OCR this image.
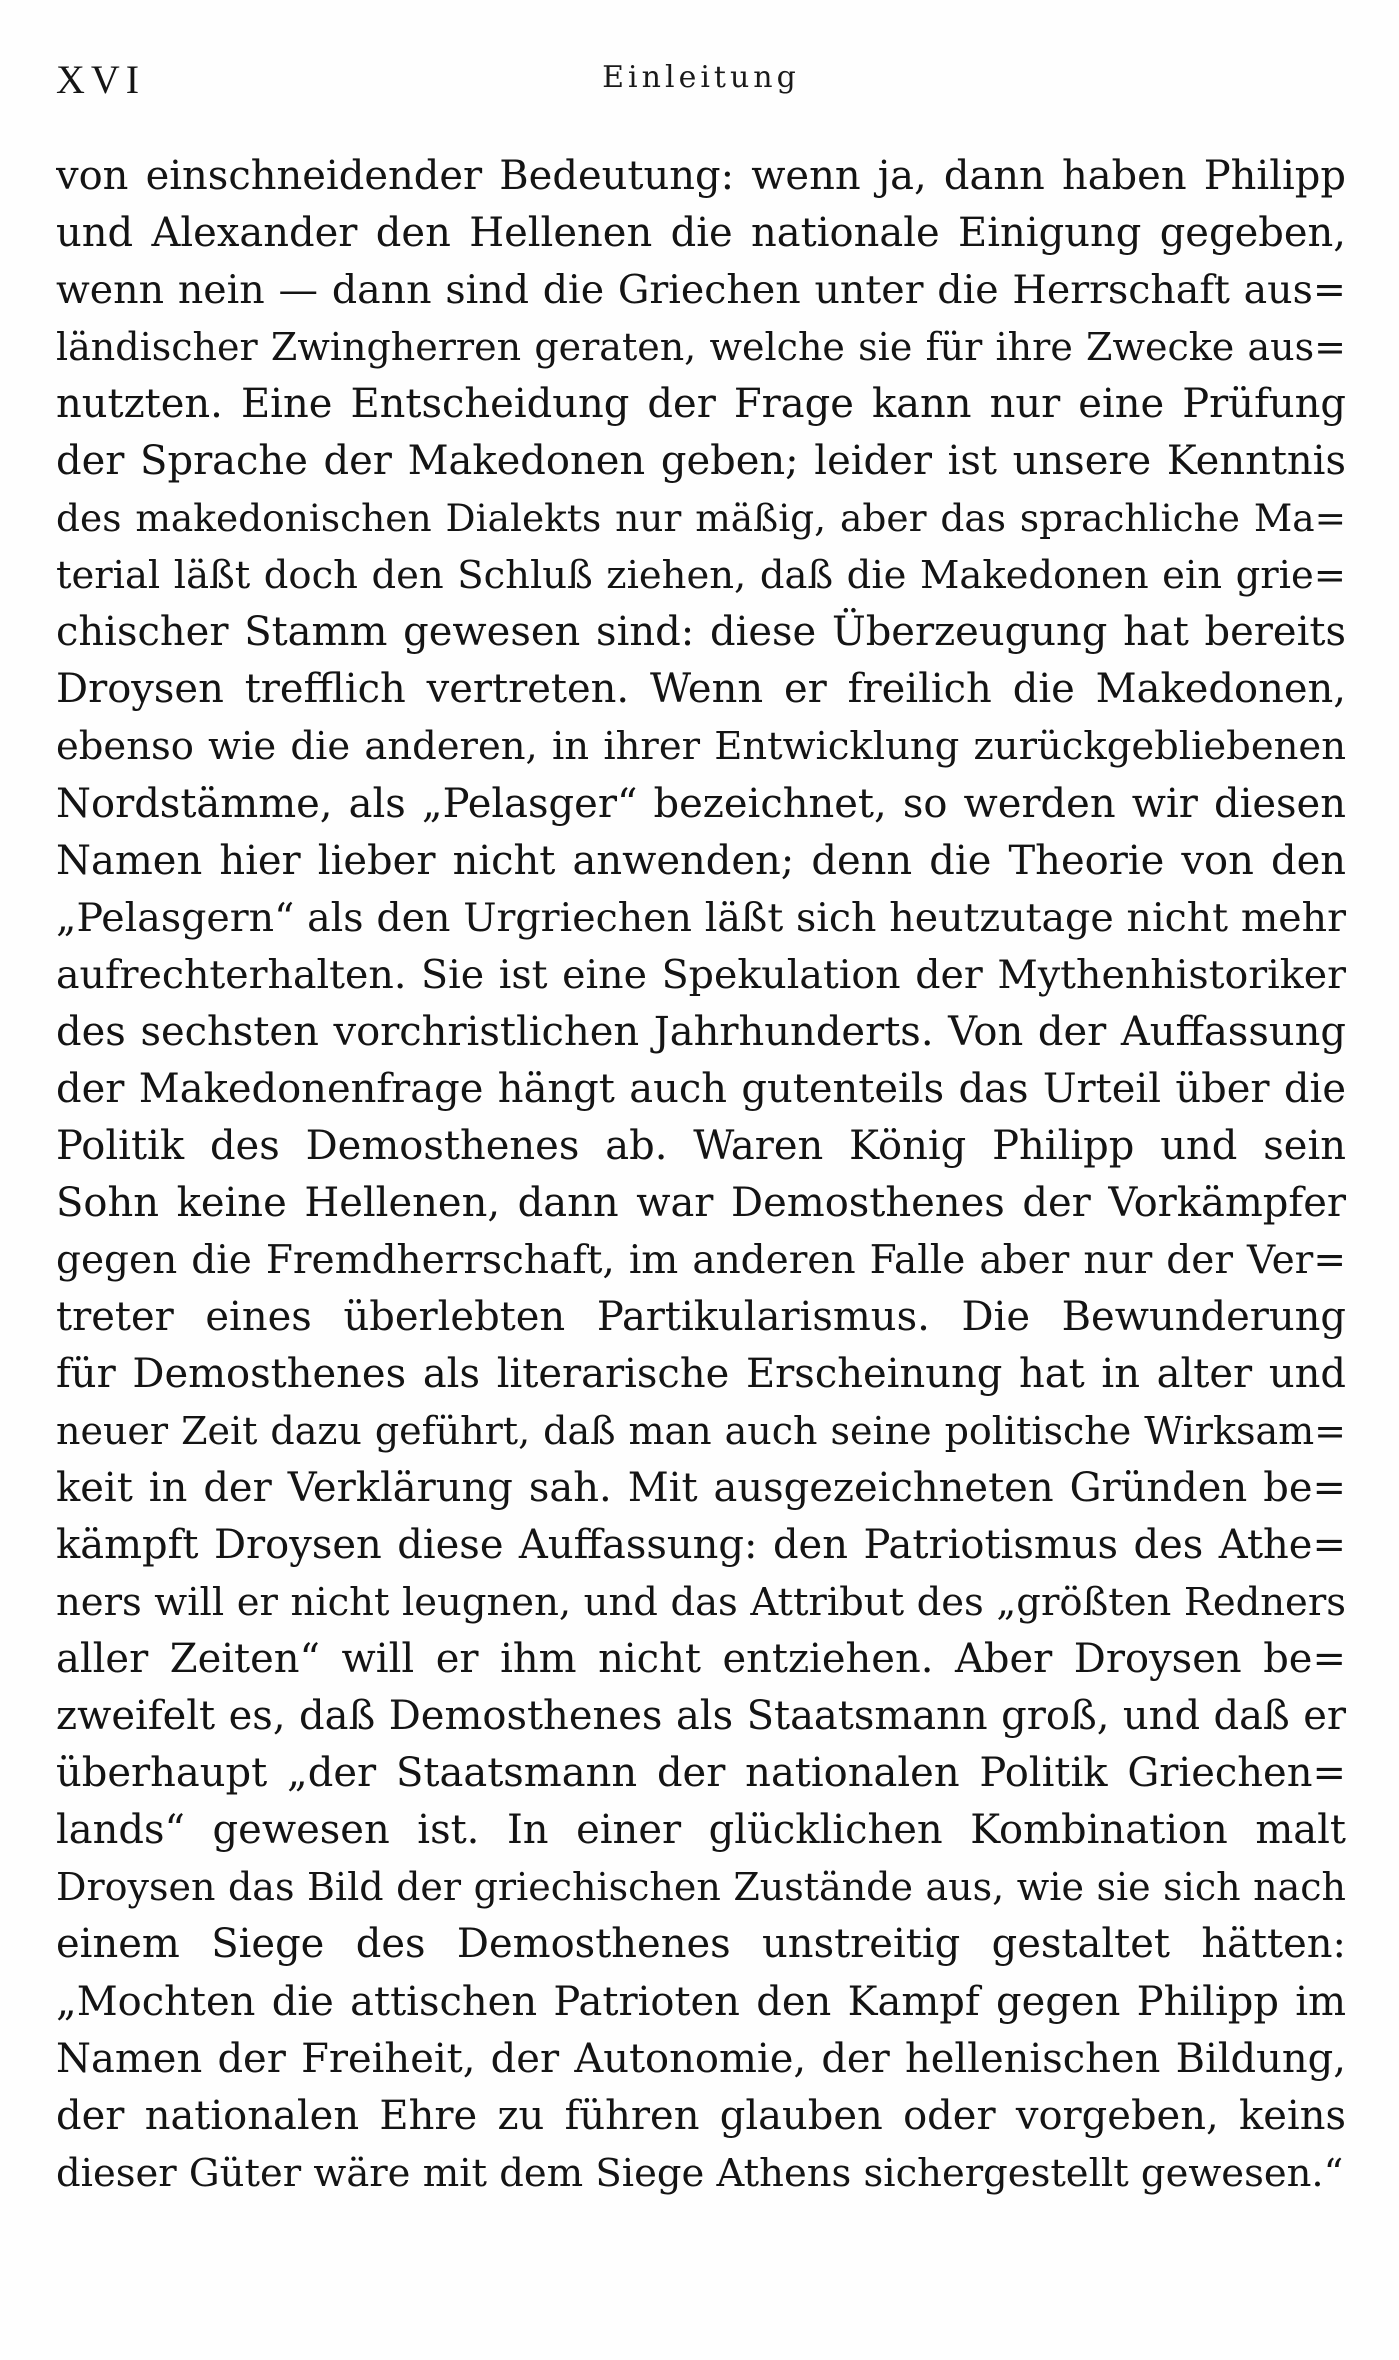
XVI	Einleitung
von einschneidender Bedeutung: wenn ja, dann haben Philipp
und Alexander den Hellenen die nationale Einigung gegeben,
wenn nein — dann sind die Griechen unter die Herrschaft aus=
ländischer Zwingherren geraten, welche sie für ihre Zwecke aus=
nutzten. Eine Entscheidung der Frage kann nur eine Prüfung
der Sprache der Makedonen geben; leider ist unsere Kenntnis
des makedonischen Dialekts nur mäßig, aber das sprachliche Ma=
terial läßt doch den Schluß ziehen, daß die Makedonen ein grie=
chischer Stamm gewesen sind: diese Überzeugung hat bereits
Droysen trefflich vertreten. Wenn er freilich die Makedonen,
ebenso wie die anderen, in ihrer Entwicklung zurückgebliebenen
Nordstämme, als „Pelasger“ bezeichnet, so werden wir diesen
Namen hier lieber nicht anwenden; denn die Theorie von den
„Pelasgern“ als den Urgriechen läßt sich heutzutage nicht mehr
aufrechterhalten. Sie ist eine Spekulation der Mythenhistoriker
des sechsten vorchristlichen Jahrhunderts. Von der Auffassung
der Makedonenfrage hängt auch gutenteils das Urteil über die
Politik des Demosthenes ab. Waren König Philipp und sein
Sohn keine Hellenen, dann war Demosthenes der Vorkämpfer
gegen die Fremdherrschaft, im anderen Falle aber nur der Ver=
treter eines überlebten Partikularismus. Die Bewunderung
für Demosthenes als literarische Erscheinung hat in alter und
neuer Zeit dazu geführt, daß man auch seine politische Wirksam=
keit in der Verklärung sah. Mit ausgezeichneten Gründen be=
kämpft Droysen diese Auffassung: den Patriotismus des Athe=
ners will er nicht leugnen, und das Attribut des „größten Redners
aller Zeiten“ will er ihm nicht entziehen. Aber Droysen be=
zweifelt es, daß Demosthenes als Staatsmann groß, und daß er
überhaupt „der Staatsmann der nationalen Politik Griechen=
lands“ gewesen ist. In einer glücklichen Kombination malt
Droysen das Bild der griechischen Zustände aus, wie sie sich nach
einem Siege des Demosthenes unstreitig gestaltet hätten:
„Mochten die attischen Patrioten den Kampf gegen Philipp im
Namen der Freiheit, der Autonomie, der hellenischen Bildung,
der nationalen Ehre zu führen glauben oder vorgeben, keins
dieser Güter wäre mit dem Siege Athens sichergestellt gewesen.“
